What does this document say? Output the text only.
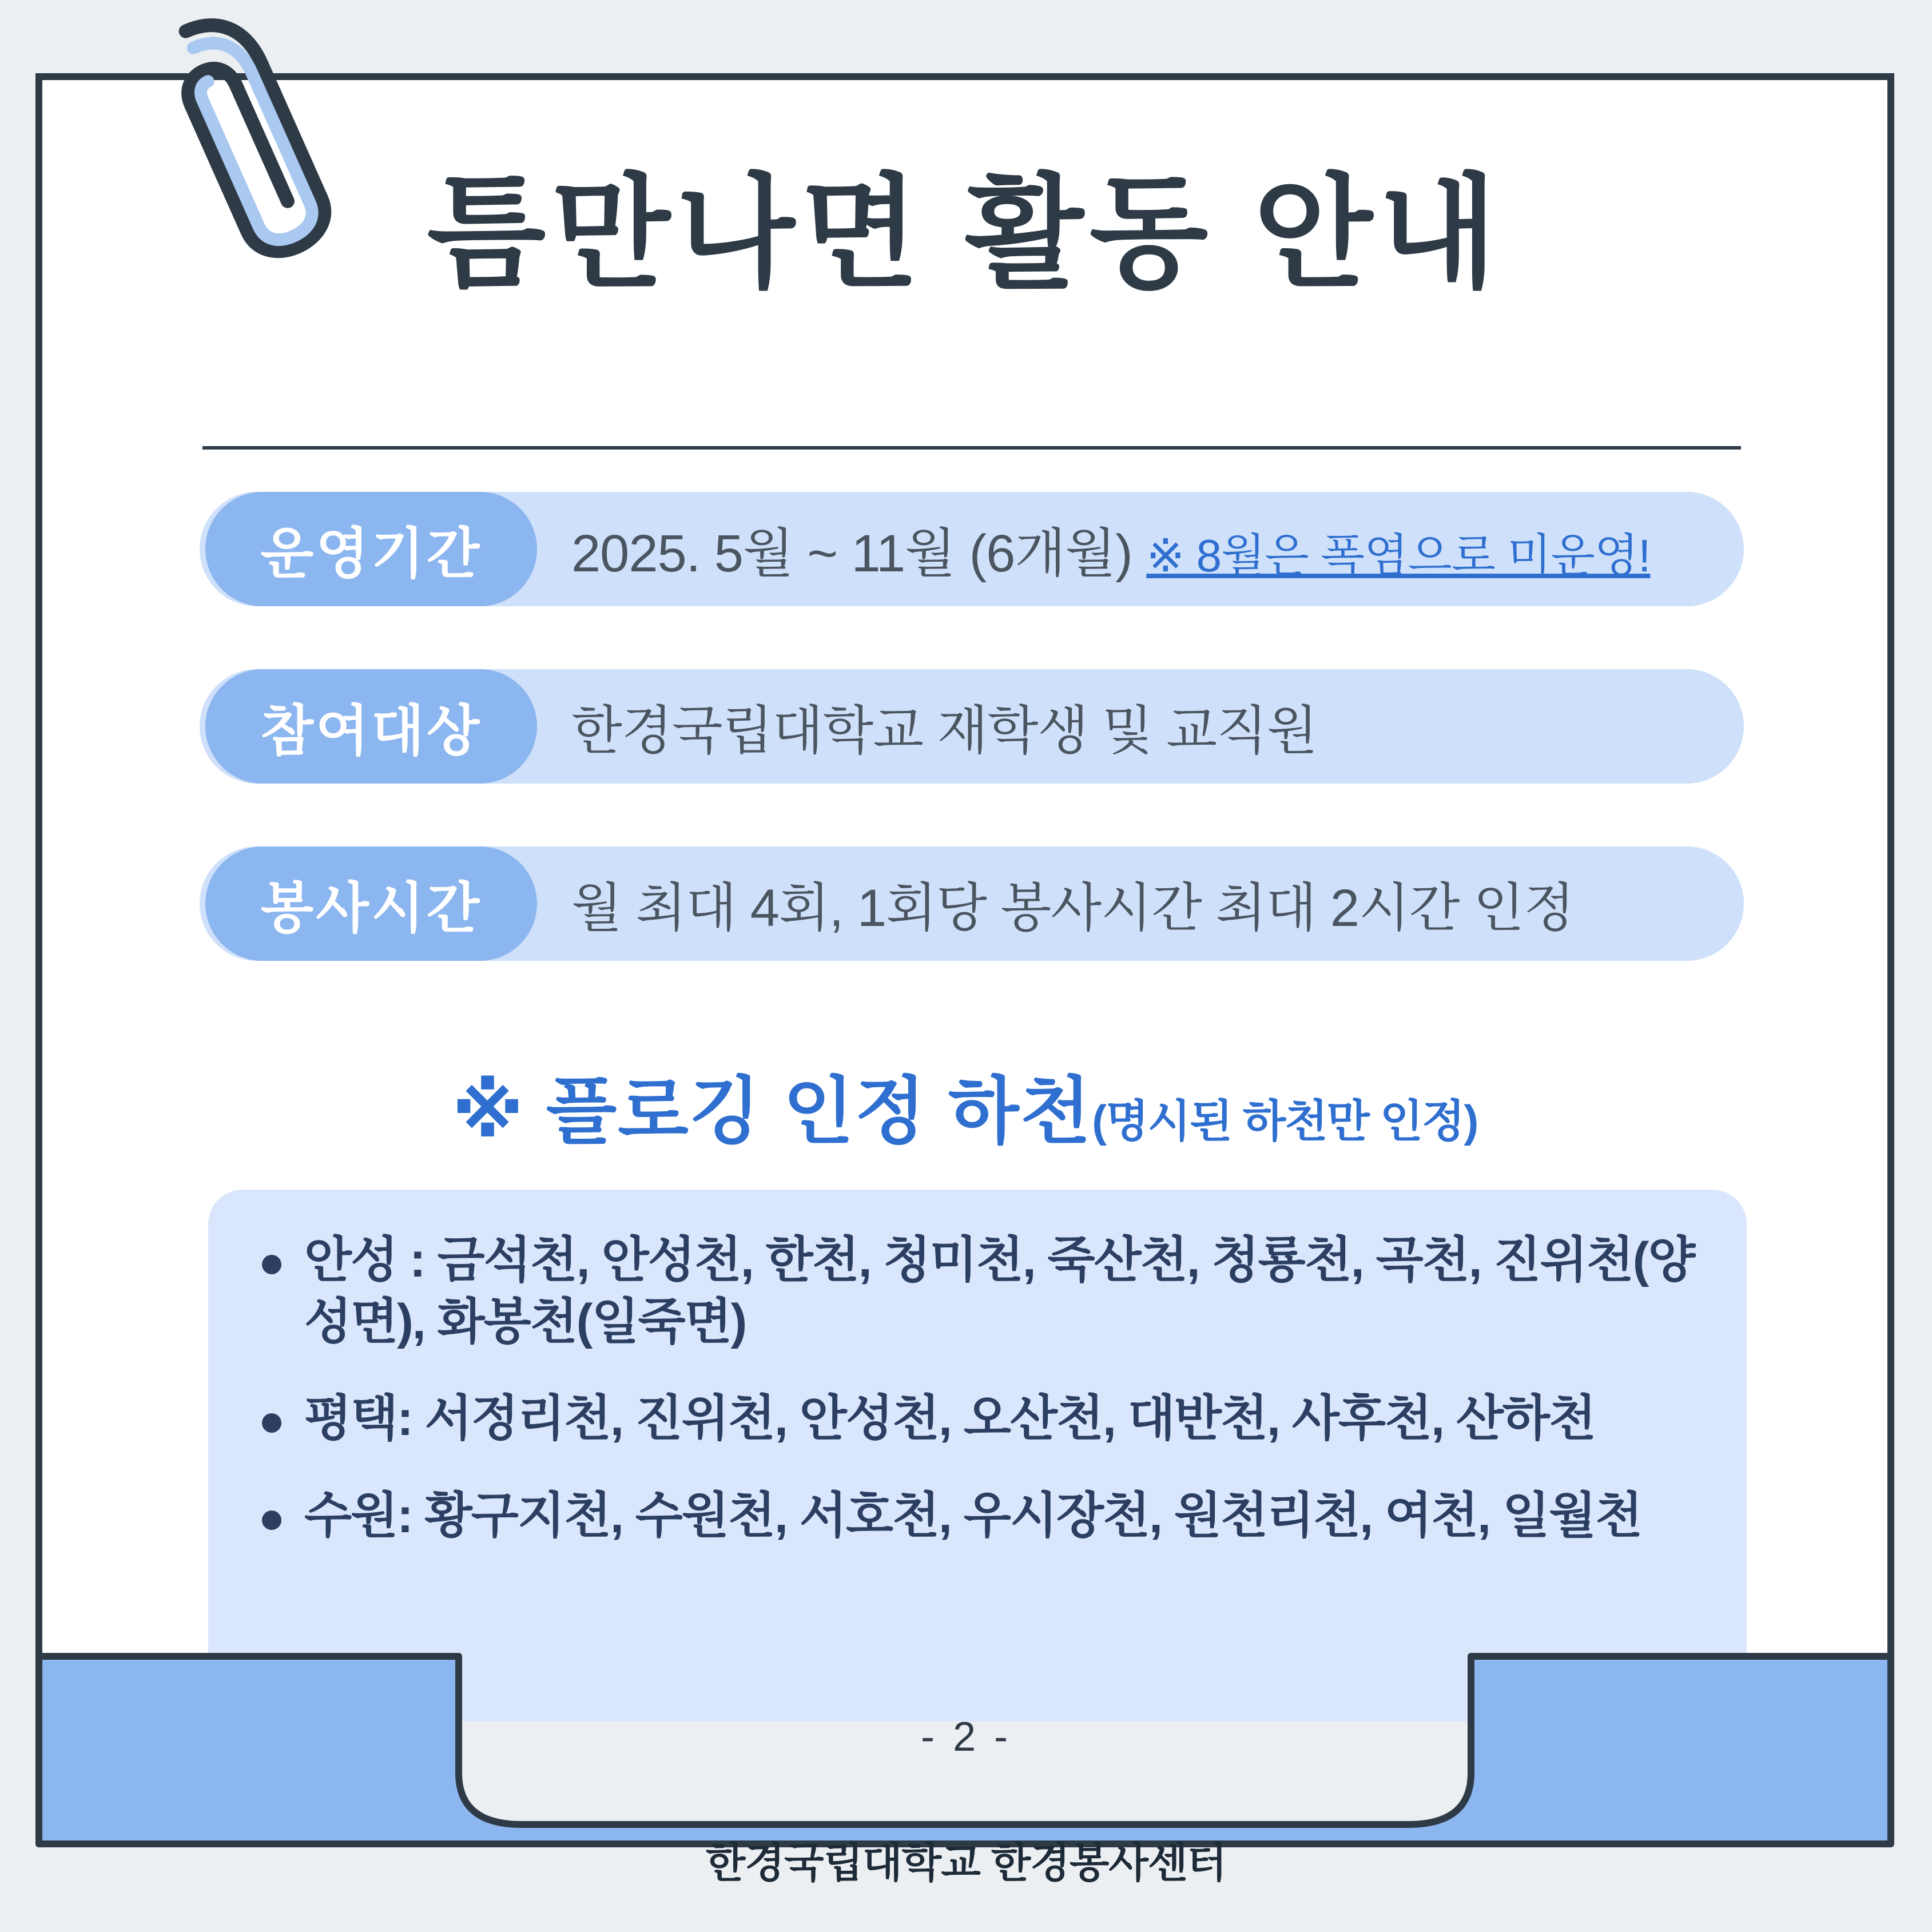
틈만나면 활동 안내
운영기간	2025. 5월 ~ 11월 (6개월) ※ 8월은 폭염으로 미운영!
참여대상	한경국립대학교 재학생 및 교직원
봉사시간	월 최대 4회, 1회당 봉사시간 최대 2시간 인정
※ 플로깅 인정 하천(명시된 하천만 인정)
안성 : 금석천, 안성천, 한천, 청미천, 죽산천, 청룡천, 곡천, 진위천(양성면), 화봉천(일죽면)
평택: 서정리천, 진위천, 안성천, 오산천, 대반천, 사후천, 산하천
수원: 황구지천, 수원천, 서호천, 우시장천, 원천리천, 여천, 일월천
- 2 -
한경국립대학교 한경봉사센터
